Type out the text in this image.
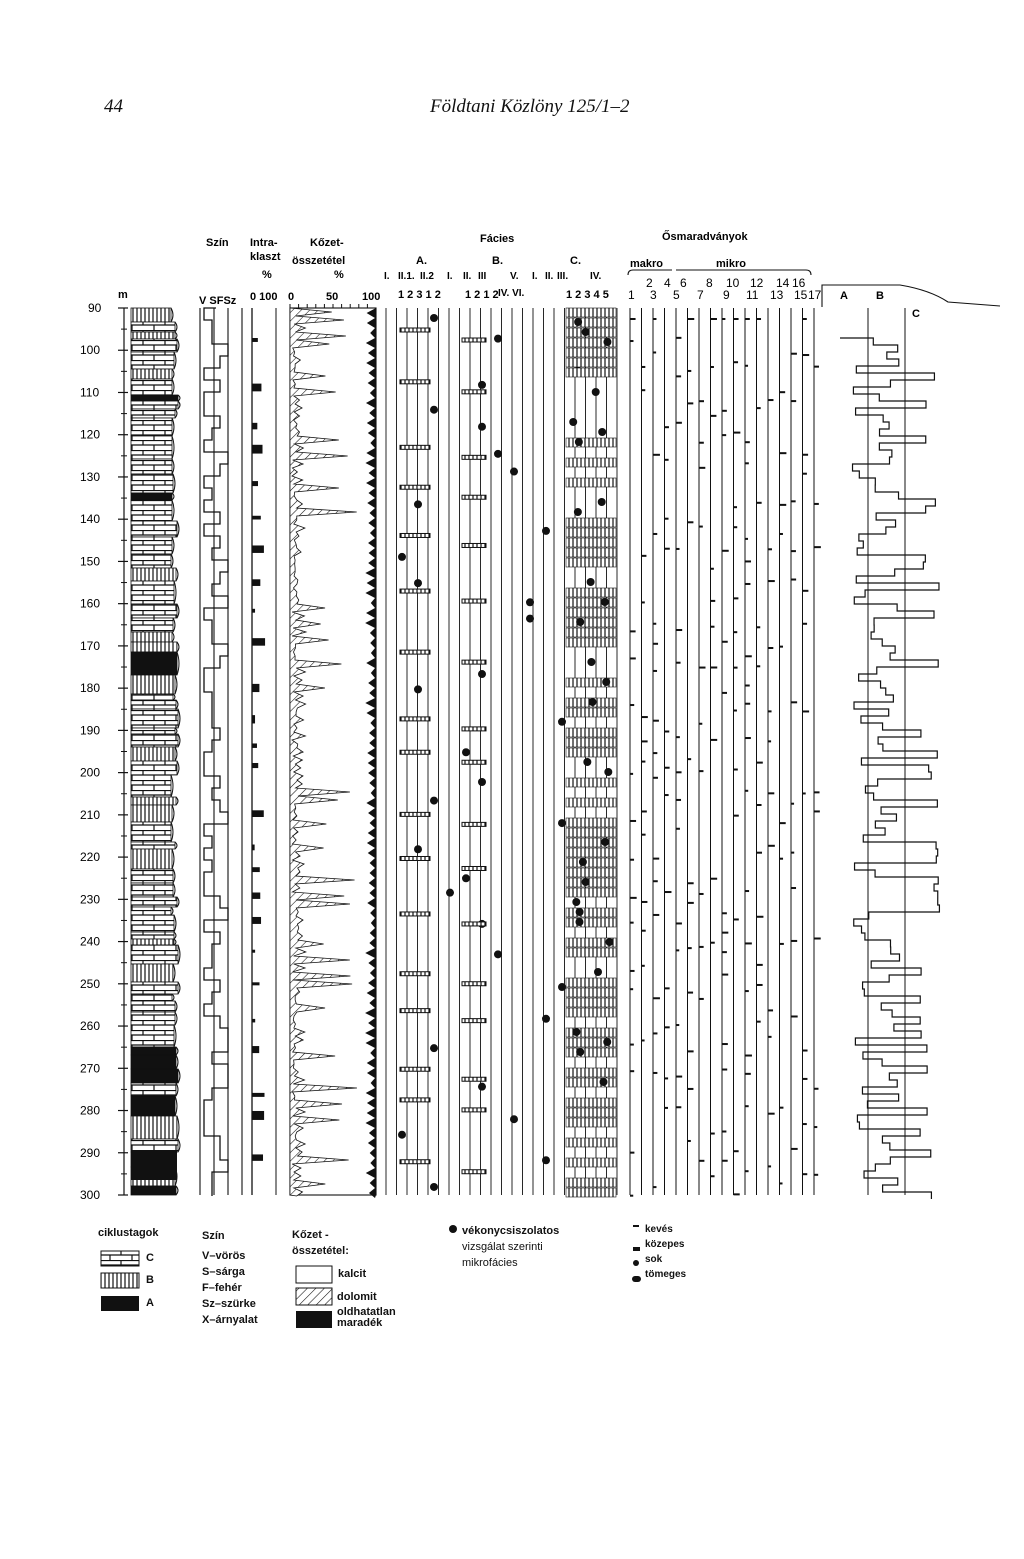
44	Földtani Közlöny 125/1–2
m
Szín
V SFSz
Intra-
klaszt
%
0 100
Kőzet-
összetétel
%
0	50 100
Fácies
A.	B.	C.
I. II.1. II.2 I. II. III V. I. II. III. IV.
1 2 3 1 2 1 2 1 2 IV. VI.	1 2 3 4 5
Ősmaradványok
makro	mikro
2 4 6 8 10 12 14 16
1 3 5 7 9 11 13 15 17 A	B
C
90
100
110
120
130
140
150
160
170
180
190
200
210
220
230
240
250
260
270
280
290
300
ciklustagok
C
B
A
Szín
V–vörös
S–sárga
F–fehér
Sz–szürke
X–árnyalat
Kőzet -
összetétel:
kalcit
dolomit
oldhatatlan
maradék
vékonycsiszolatos
vizsgálat szerinti
mikrofácies
kevés
közepes
sok
tömeges
